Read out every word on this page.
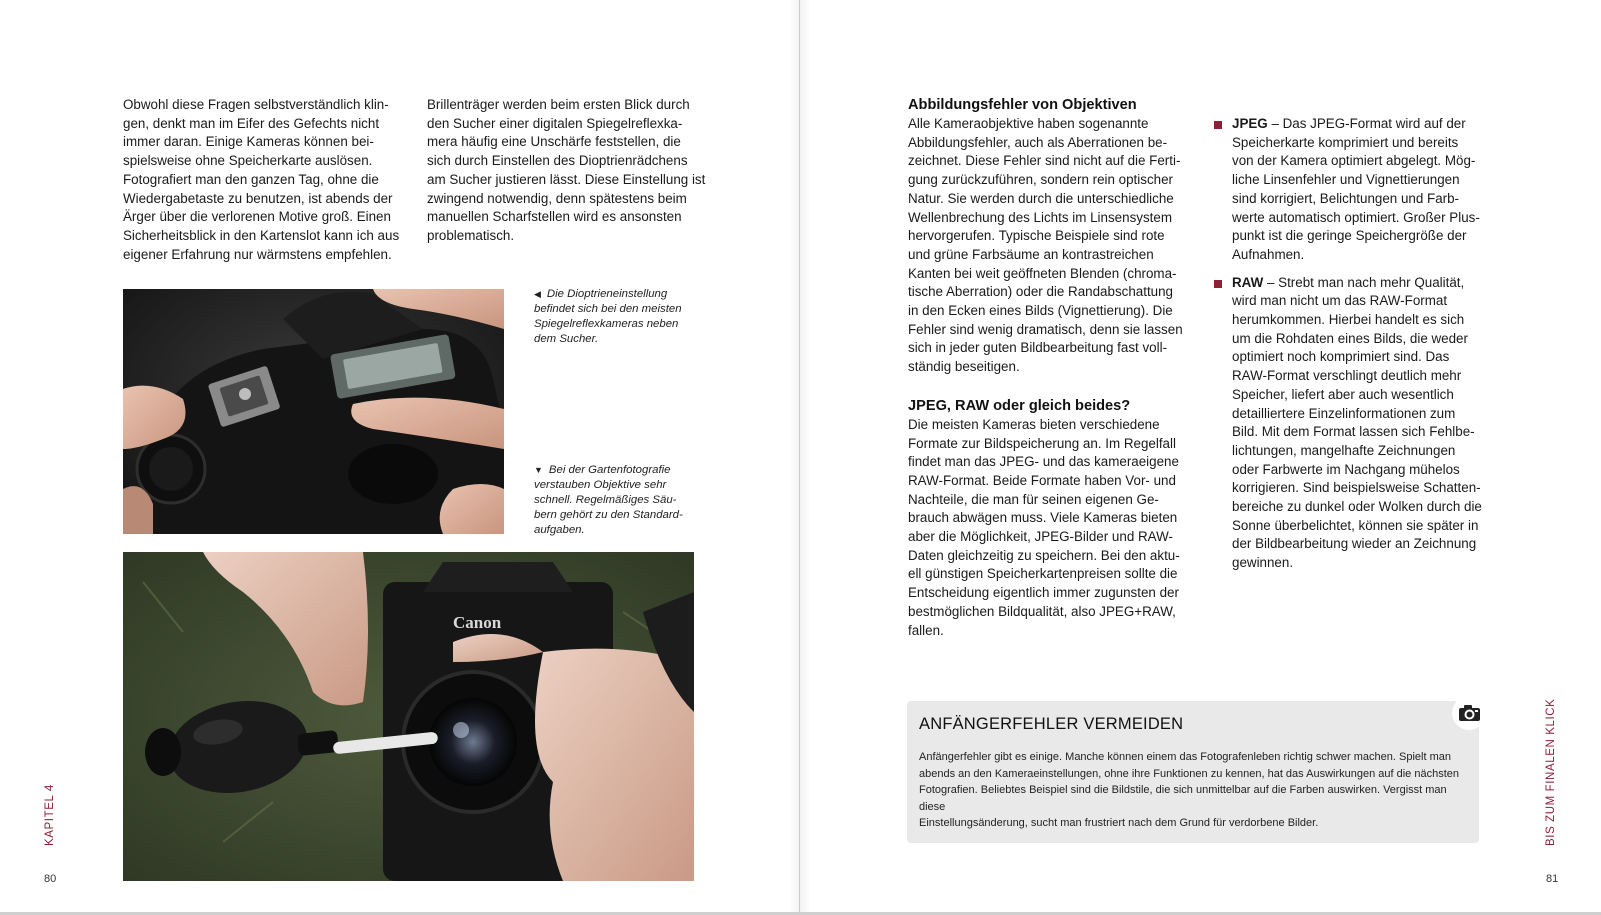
Obwohl diese Fragen selbstverständlich klin-
gen, denkt man im Eifer des Gefechts nicht
immer daran. Einige Kameras können bei-
spielsweise ohne Speicherkarte auslösen.
Fotografiert man den ganzen Tag, ohne die
Wiedergabetaste zu benutzen, ist abends der
Ärger über die verlorenen Motive groß. Einen
Sicherheitsblick in den Kartenslot kann ich aus
eigener Erfahrung nur wärmstens empfehlen.
Brillenträger werden beim ersten Blick durch
den Sucher einer digitalen Spiegelreflexka-
mera häufig eine Unschärfe feststellen, die
sich durch Einstellen des Dioptrienrädchens
am Sucher justieren lässt. Diese Einstellung ist
zwingend notwendig, denn spätestens beim
manuellen Scharfstellen wird es ansonsten
problematisch.
◀ Die Dioptrieneinstellung
befindet sich bei den meisten
Spiegelreflexkameras neben
dem Sucher.
▼ Bei der Gartenfotografie
verstauben Objektive sehr
schnell. Regelmäßiges Säu-
bern gehört zu den Standard-
aufgaben.
Canon
KAPITEL 4
80
Abbildungsfehler von Objektiven
Alle Kameraobjektive haben sogenannte
Abbildungsfehler, auch als Aberrationen be-
zeichnet. Diese Fehler sind nicht auf die Ferti-
gung zurückzuführen, sondern rein optischer
Natur. Sie werden durch die unterschiedliche
Wellenbrechung des Lichts im Linsensystem
hervorgerufen. Typische Beispiele sind rote
und grüne Farbsäume an kontrastreichen
Kanten bei weit geöffneten Blenden (chroma-
tische Aberration) oder die Randabschattung
in den Ecken eines Bilds (Vignettierung). Die
Fehler sind wenig dramatisch, denn sie lassen
sich in jeder guten Bildbearbeitung fast voll-
ständig beseitigen.
JPEG, RAW oder gleich beides?
Die meisten Kameras bieten verschiedene
Formate zur Bildspeicherung an. Im Regelfall
findet man das JPEG- und das kameraeigene
RAW-Format. Beide Formate haben Vor- und
Nachteile, die man für seinen eigenen Ge-
brauch abwägen muss. Viele Kameras bieten
aber die Möglichkeit, JPEG-Bilder und RAW-
Daten gleichzeitig zu speichern. Bei den aktu-
ell günstigen Speicherkartenpreisen sollte die
Entscheidung eigentlich immer zugunsten der
bestmöglichen Bildqualität, also JPEG+RAW,
fallen.
JPEG – Das JPEG-Format wird auf der
Speicherkarte komprimiert und bereits
von der Kamera optimiert abgelegt. Mög-
liche Linsenfehler und Vignettierungen
sind korrigiert, Belichtungen und Farb-
werte automatisch optimiert. Großer Plus-
punkt ist die geringe Speichergröße der
Aufnahmen.
RAW – Strebt man nach mehr Qualität,
wird man nicht um das RAW-Format
herumkommen. Hierbei handelt es sich
um die Rohdaten eines Bilds, die weder
optimiert noch komprimiert sind. Das
RAW-Format verschlingt deutlich mehr
Speicher, liefert aber auch wesentlich
detailliertere Einzelinformationen zum
Bild. Mit dem Format lassen sich Fehlbe-
lichtungen, mangelhafte Zeichnungen
oder Farbwerte im Nachgang mühelos
korrigieren. Sind beispielsweise Schatten-
bereiche zu dunkel oder Wolken durch die
Sonne überbelichtet, können sie später in
der Bildbearbeitung wieder an Zeichnung
gewinnen.
ANFÄNGERFEHLER VERMEIDEN

Anfängerfehler gibt es einige. Manche können einem das Fotografenleben richtig schwer machen. Spielt man
abends an den Kameraeinstellungen, ohne ihre Funktionen zu kennen, hat das Auswirkungen auf die nächsten
Fotografien. Beliebtes Beispiel sind die Bildstile, die sich unmittelbar auf die Farben auswirken. Vergisst man diese
Einstellungsänderung, sucht man frustriert nach dem Grund für verdorbene Bilder.	BIS ZUM FINALEN KLICK
81
